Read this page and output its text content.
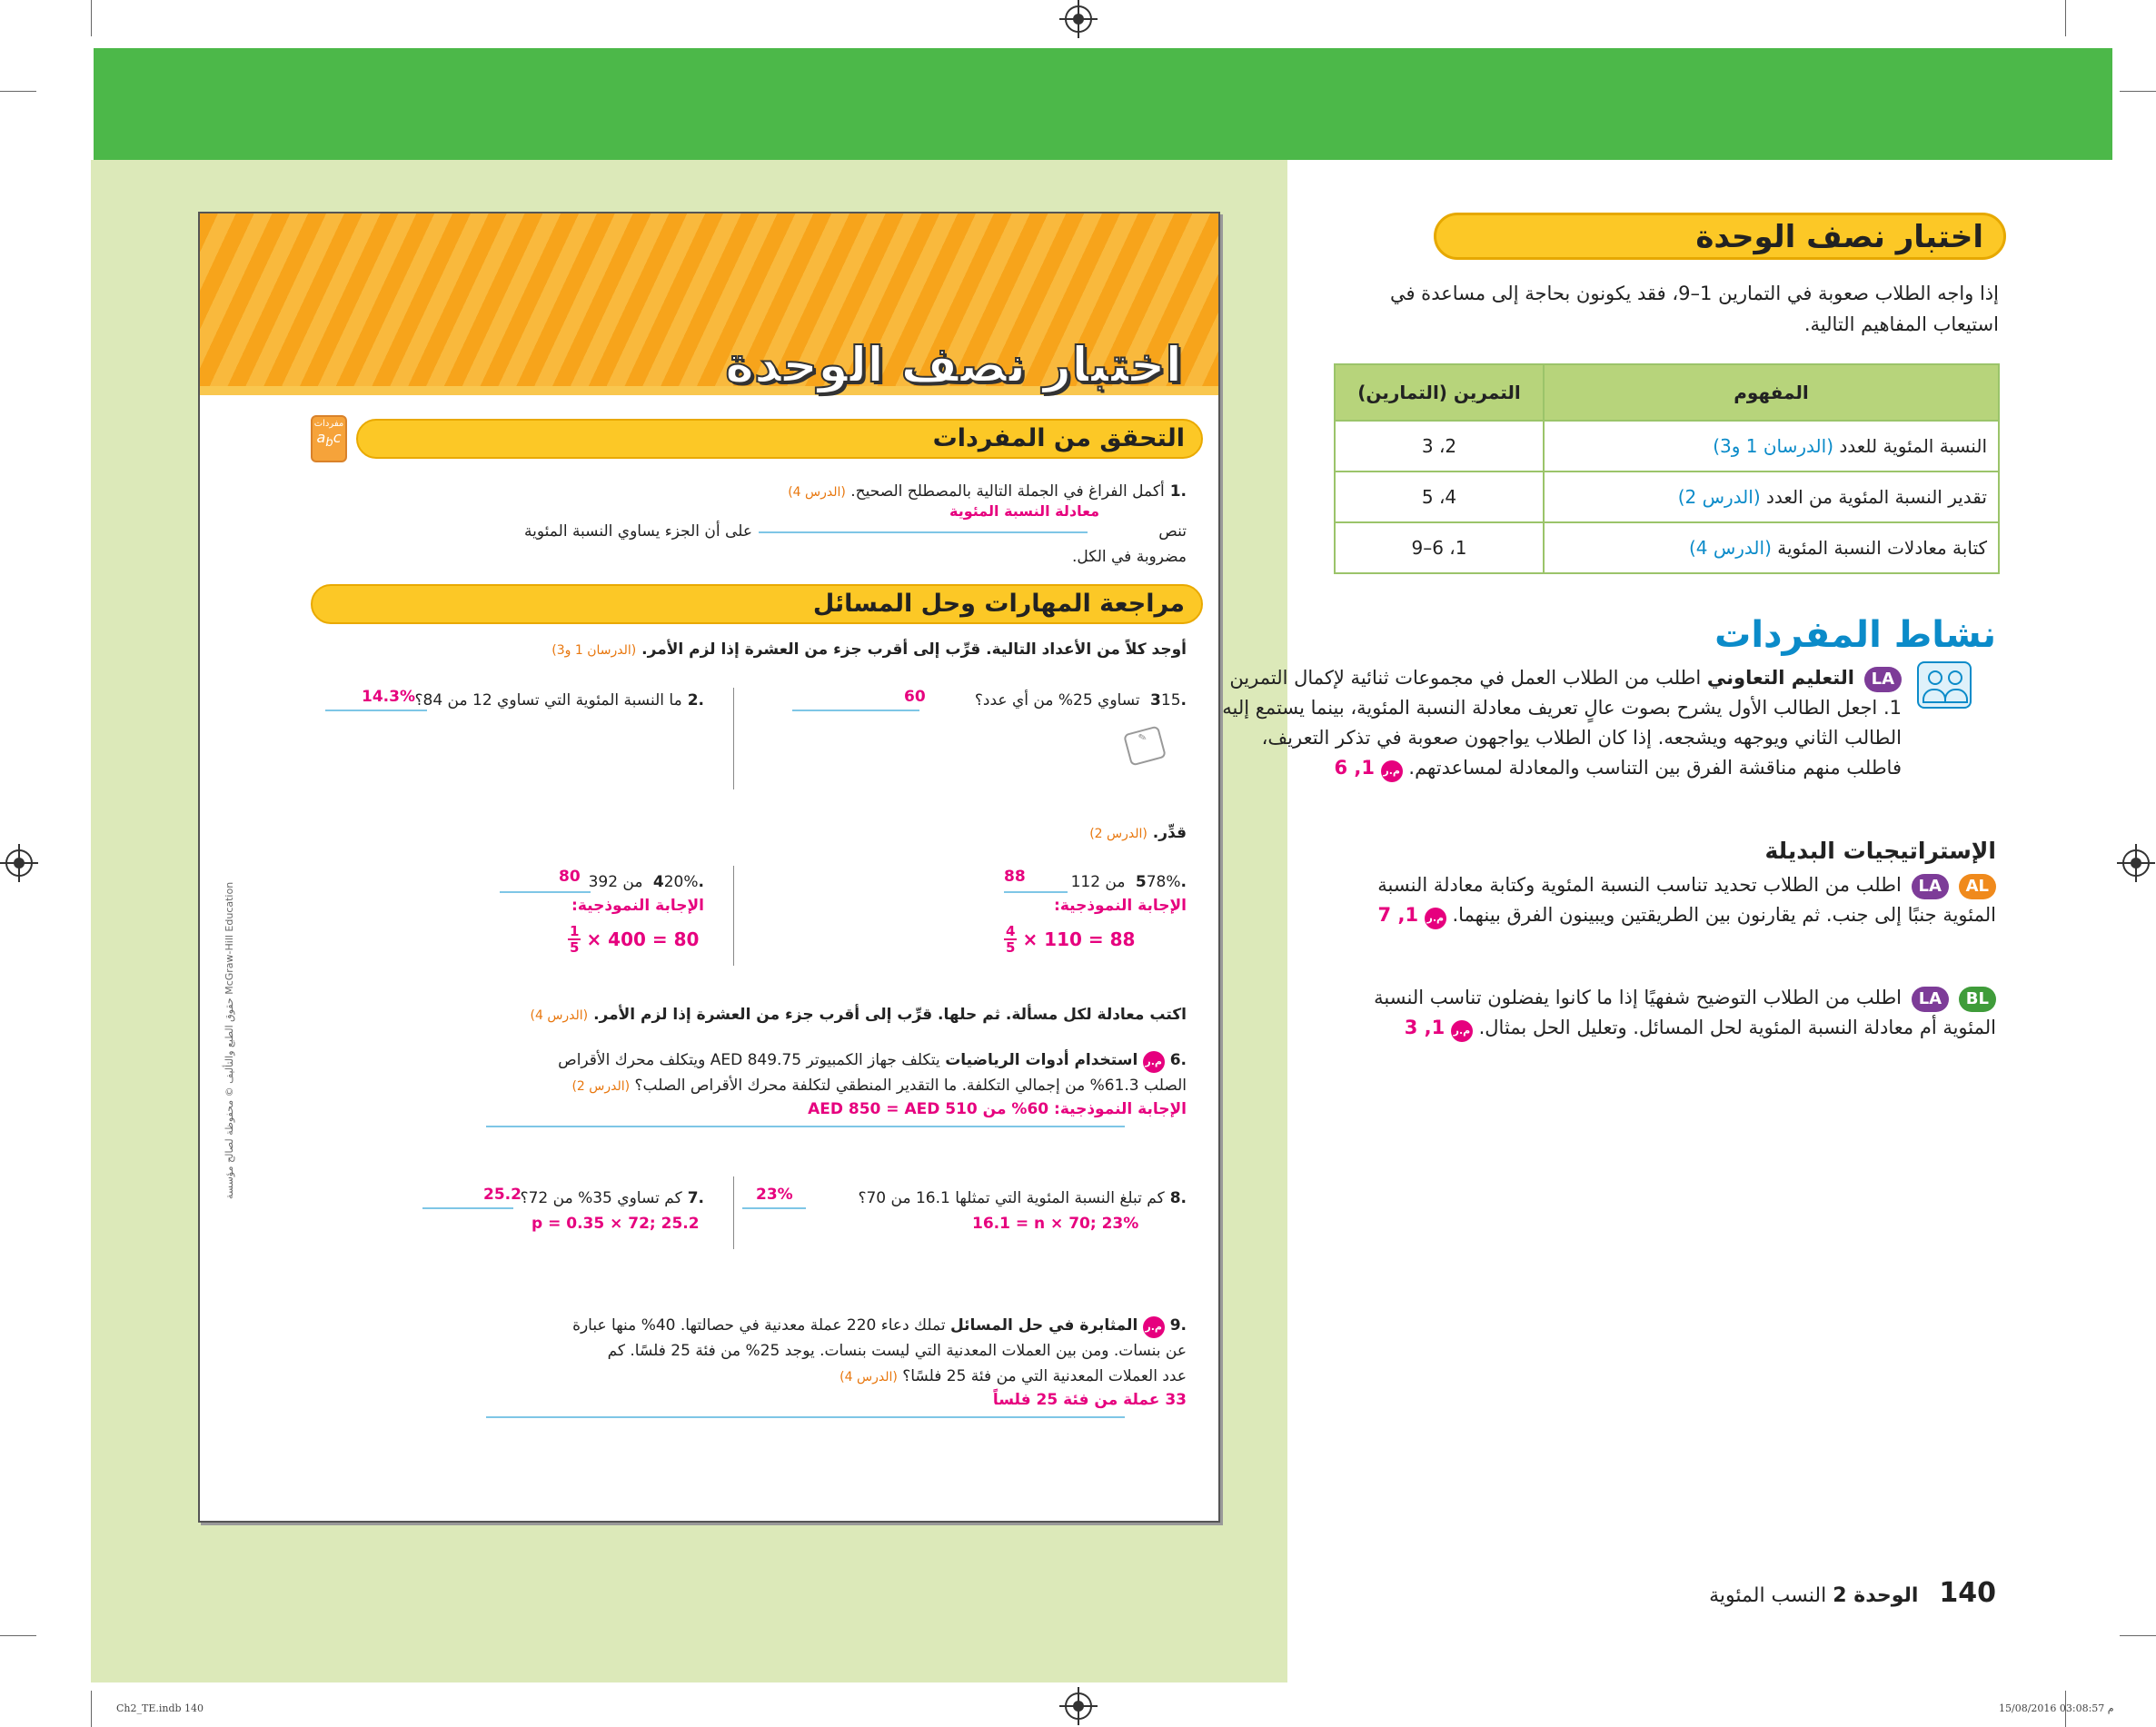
اختبار نصف الوحدة
مفردات
$a_bc$	التحقق من المفردات
.1أكمل الفراغ في الجملة التالية بالمصطلح الصحيح. (الدرس 4)
معادلة النسبة المئوية
تنص
على أن الجزء يساوي النسبة المئوية
مضروبة في الكل.
مراجعة المهارات وحل المسائل
أوجد كلاً من الأعداد التالية. قرِّب إلى أقرب جزء من العشرة إذا لزم الأمر. (الدرسان 1 و3)
.315 تساوي 25% من أي عدد؟
60
✎
.2ما النسبة المئوية التي تساوي 12 من 84؟
14.3%
قدِّر. (الدرس 2)
.578% من 112
88
الإجابة النموذجية:
$\frac{4}{5} \times 110 = 88$
.420% من 392
80
الإجابة النموذجية:
$\frac{1}{5} \times 400 = 80$
اكتب معادلة لكل مسألة. ثم حلها. قرِّب إلى أقرب جزء من العشرة إذا لزم الأمر. (الدرس 4)
.6م.ر استخدام أدوات الرياضيات يتكلف جهاز الكمبيوتر AED 849.75 ويتكلف محرك الأقراص
الصلب 61.3% من إجمالي التكلفة. ما التقدير المنطقي لتكلفة محرك الأقراص الصلب؟ (الدرس 2)
الإجابة النموذجية: 60% من AED 850 = AED 510
.8كم تبلغ النسبة المئوية التي تمثلها 16.1 من 70؟
23%
16.1 = n × 70; 23%
.7كم تساوي 35% من 72؟
25.2
p = 0.35 × 72; 25.2
.9م.ر المثابرة في حل المسائل تملك دعاء 220 عملة معدنية في حصالتها. 40% منها عبارة
عن بنسات. ومن بين العملات المعدنية التي ليست بنسات. يوجد 25% من فئة 25 فلسًا. كم
عدد العملات المعدنية التي من فئة 25 فلسًا؟ (الدرس 4)
33 عملة من فئة 25 فلساً
McGraw-Hill Education حقوق الطبع والتأليف © محفوظة لصالح مؤسسة
اختبار نصف الوحدة
إذا واجه الطلاب صعوبة في التمارين 1–9، فقد يكونون بحاجة إلى مساعدة في استيعاب المفاهيم التالية.
المفهوم	التمرين (التمارين)
النسبة المئوية للعدد (الدرسان 1 و3)	2، 3
تقدير النسبة المئوية من العدد (الدرس 2)	4، 5
كتابة معادلات النسبة المئوية (الدرس 4)	1، 6–9
نشاط المفردات
LA التعليم التعاوني اطلب من الطلاب العمل في مجموعات ثنائية لإكمال التمرين 1. اجعل الطالب الأول يشرح بصوت عالٍ تعريف معادلة النسبة المئوية، بينما يستمع إليه الطالب الثاني ويوجهه ويشجعه. إذا كان الطلاب يواجهون صعوبة في تذكر التعريف، فاطلب منهم مناقشة الفرق بين التناسب والمعادلة لمساعدتهم. م.ر 1, 6
الإستراتيجيات البديلة
AL LA اطلب من الطلاب تحديد تناسب النسبة المئوية وكتابة معادلة النسبة المئوية جنبًا إلى جنب. ثم يقارنون بين الطريقتين ويبينون الفرق بينهما. م.ر 1, 7
BL LA اطلب من الطلاب التوضيح شفهيًا إذا ما كانوا يفضلون تناسب النسبة المئوية أم معادلة النسبة المئوية لحل المسائل. وتعليل الحل بمثال. م.ر 1, 3
140 الوحدة 2 النسب المئوية
Ch2_TE.indb 140	15/08/2016 03:08:57 م
